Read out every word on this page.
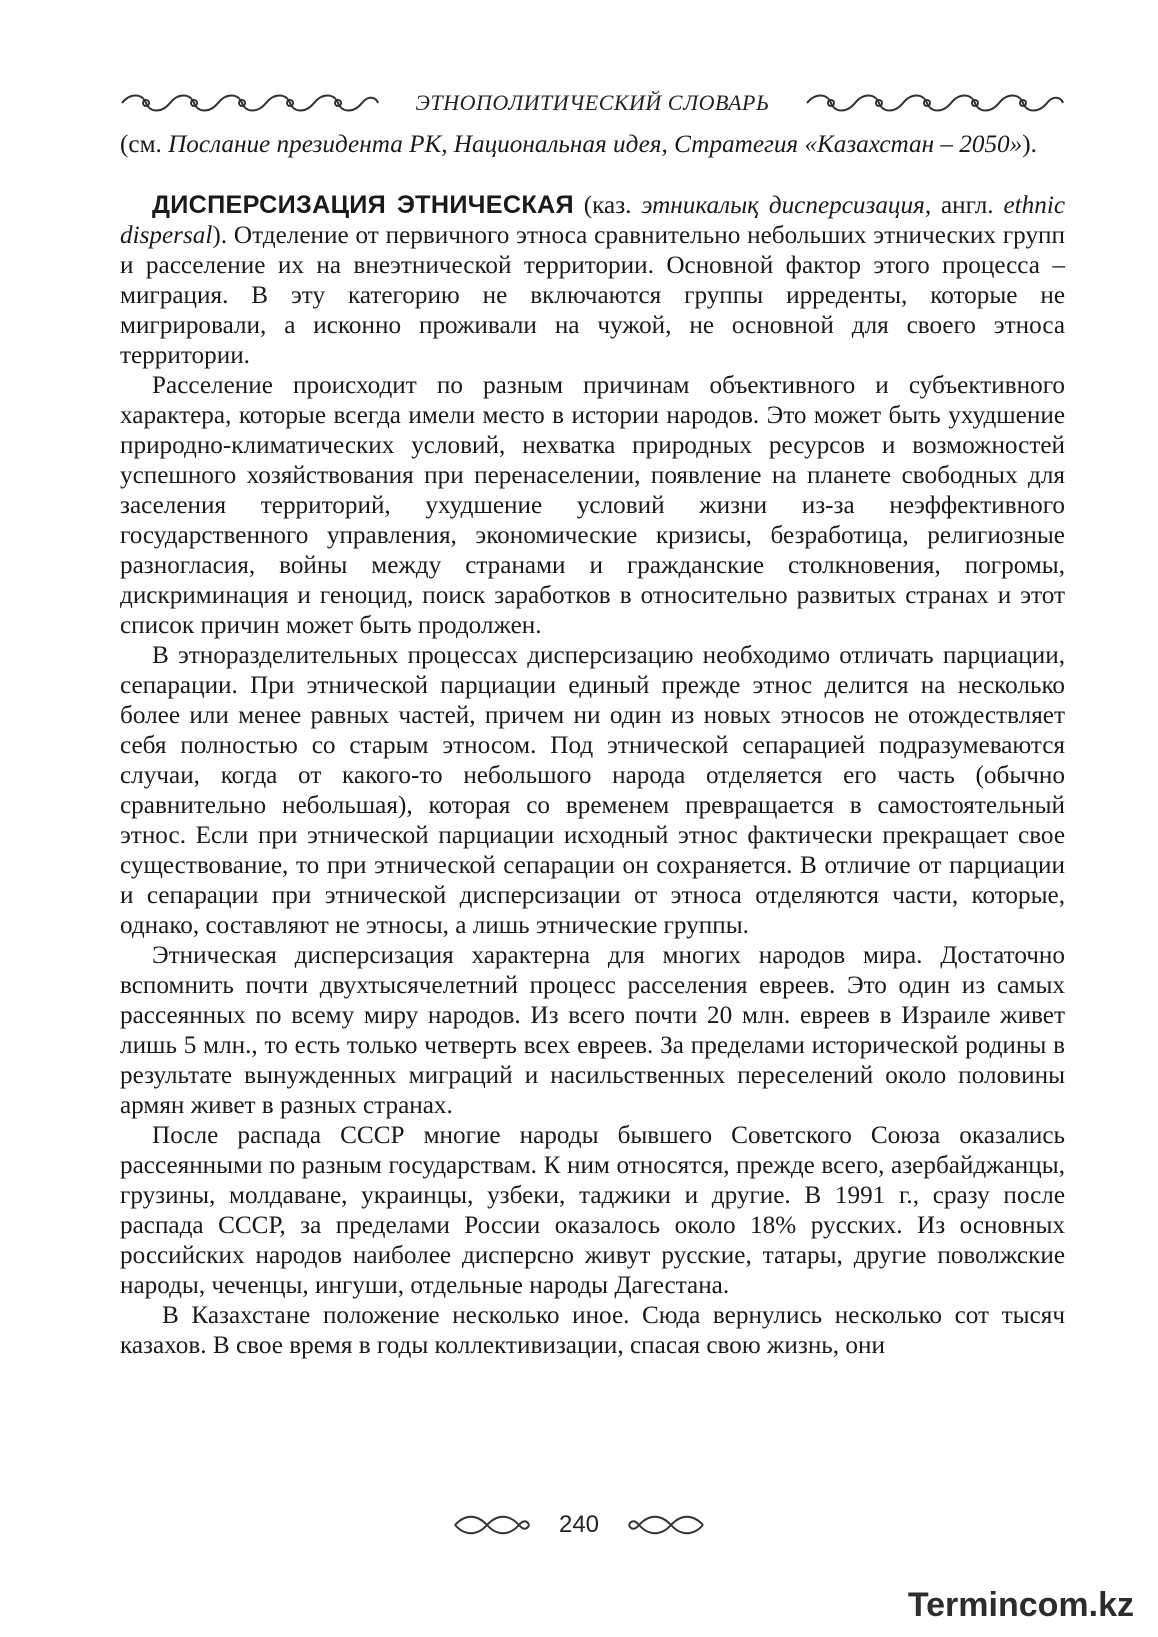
ЭТНОПОЛИТИЧЕСКИЙ СЛОВАРЬ

(см. Послание президента РК, Национальная идея, Стратегия «Казахстан – 2050»).

ДИСПЕРСИЗАЦИЯ ЭТНИЧЕСКАЯ (каз. этникалық дисперсизация, англ. ethnic dispersal). Отделение от первичного этноса сравнительно небольших этнических групп и расселение их на внеэтнической территории. Основной фактор этого процесса – миграция. В эту категорию не включаются группы ирреденты, которые не мигрировали, а исконно проживали на чужой, не основной для своего этноса территории.

Расселение происходит по разным причинам объективного и субъективного характера, которые всегда имели место в истории народов. Это может быть ухудшение природно-климатических условий, нехватка природных ресурсов и возможностей успешного хозяйствования при перенаселении, появление на планете свободных для заселения территорий, ухудшение условий жизни из-за неэффективного государственного управления, экономические кризисы, безработица, религиозные разногласия, войны между странами и гражданские столкновения, погромы, дискриминация и геноцид, поиск заработков в относительно развитых странах и этот список причин может быть продолжен.

В этноразделительных процессах дисперсизацию необходимо отличать парциации, сепарации. При этнической парциации единый прежде этнос делится на несколько более или менее равных частей, причем ни один из новых этносов не отождествляет себя полностью со старым этносом. Под этнической сепарацией подразумеваются случаи, когда от какого-то небольшого народа отделяется его часть (обычно сравнительно небольшая), которая со временем превращается в самостоятельный этнос. Если при этнической парциации исходный этнос фактически прекращает свое существование, то при этнической сепарации он сохраняется. В отличие от парциации и сепарации при этнической дисперсизации от этноса отделяются части, которые, однако, составляют не этносы, а лишь этнические группы.

Этническая дисперсизация характерна для многих народов мира. Достаточно вспомнить почти двухтысячелетний процесс расселения евреев. Это один из самых рассеянных по всему миру народов. Из всего почти 20 млн. евреев в Израиле живет лишь 5 млн., то есть только четверть всех евреев. За пределами исторической родины в результате вынужденных миграций и насильственных переселений около половины армян живет в разных странах.

После распада СССР многие народы бывшего Советского Союза оказались рассеянными по разным государствам. К ним относятся, прежде всего, азербайджанцы, грузины, молдаване, украинцы, узбеки, таджики и другие. В 1991 г., сразу после распада СССР, за пределами России оказалось около 18% русских. Из основных российских народов наиболее дисперсно живут русские, татары, другие поволжские народы, чеченцы, ингуши, отдельные народы Дагестана.

В Казахстане положение несколько иное. Сюда вернулись несколько сот тысяч казахов. В свое время в годы коллективизации, спасая свою жизнь, они

240
Termincom.kz
